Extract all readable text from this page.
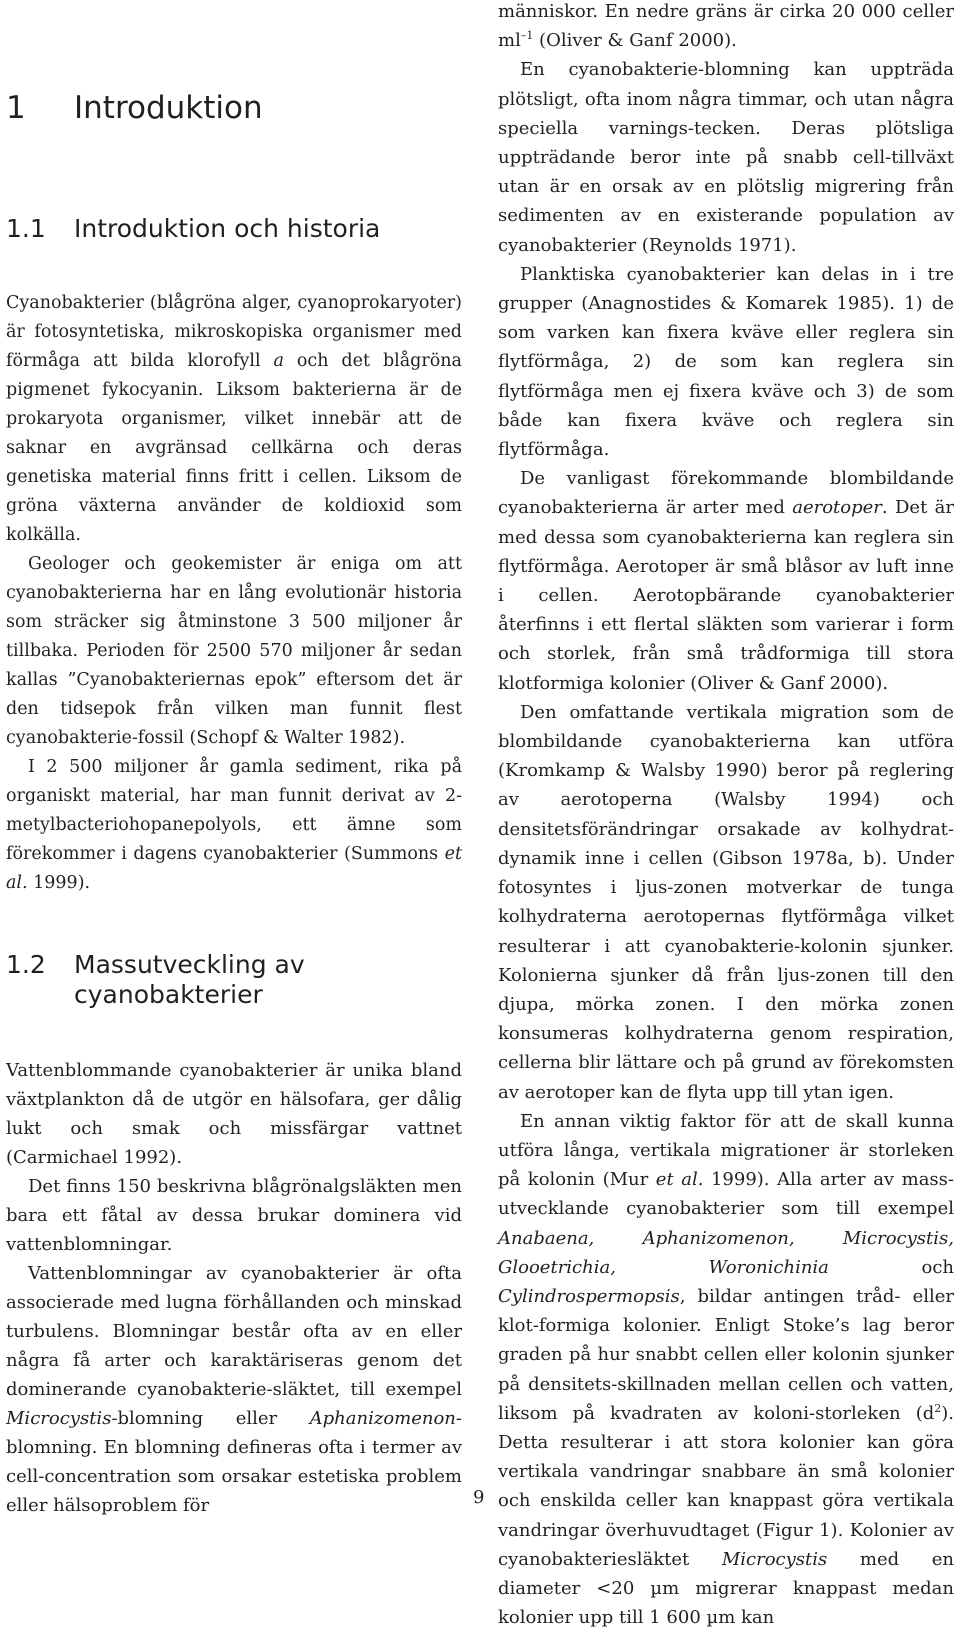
1 Introduktion
1.1 Introduktion och historia

Cyanobakterier (blågröna alger, cyanoprokaryoter) är fotosyntetiska, mikroskopiska organismer med förmåga att bilda klorofyll a och det blågröna pigmenet fykocyanin. Liksom bakterierna är de prokaryota organismer, vilket innebär att de saknar en avgränsad cellkärna och deras genetiska material finns fritt i cellen. Liksom de gröna växterna använder de koldioxid som kolkälla.

Geologer och geokemister är eniga om att cyanobakterierna har en lång evolutionär historia som sträcker sig åtminstone 3 500 miljoner år tillbaka. Perioden för 2500 570 miljoner år sedan kallas ”Cyanobakteriernas epok” eftersom det är den tidsepok från vilken man funnit flest cyanobakterie-fossil (Schopf & Walter 1982).

I 2 500 miljoner år gamla sediment, rika på organiskt material, har man funnit derivat av 2-metylbacteriohopanepolyols, ett ämne som förekommer i dagens cyanobakterier (Summons et al. 1999).

1.2	Massutveckling av
cyanobakterier

Vattenblommande cyanobakterier är unika bland växtplankton då de utgör en hälsofara, ger dålig lukt och smak och missfärgar vattnet (Carmichael 1992).

Det finns 150 beskrivna blågrönalgsläkten men bara ett fåtal av dessa brukar dominera vid vattenblomningar.

Vattenblomningar av cyanobakterier är ofta associerade med lugna förhållanden och minskad turbulens. Blomningar består ofta av en eller några få arter och karaktäriseras genom det dominerande cyanobakterie-släktet, till exempel Microcystis-blomning eller Aphanizomenon-blomning. En blomning defineras ofta i termer av cell-concentration som orsakar estetiska problem eller hälsoproblem för

människor. En nedre gräns är cirka 20 000 celler $ml^{-1}$ (Oliver & Ganf 2000).

En cyanobakterie-blomning kan uppträda plötsligt, ofta inom några timmar, och utan några speciella varnings-tecken. Deras plötsliga uppträdande beror inte på snabb cell-tillväxt utan är en orsak av en plötslig migrering från sedimenten av en existerande population av cyanobakterier (Reynolds 1971).

Planktiska cyanobakterier kan delas in i tre grupper (Anagnostides & Komarek 1985). 1) de som varken kan fixera kväve eller reglera sin flytförmåga, 2) de som kan reglera sin flytförmåga men ej fixera kväve och 3) de som både kan fixera kväve och reglera sin flytförmåga.

De vanligast förekommande blombildande cyanobakterierna är arter med aerotoper. Det är med dessa som cyanobakterierna kan reglera sin flytförmåga. Aerotoper är små blåsor av luft inne i cellen. Aerotopbärande cyanobakterier återfinns i ett flertal släkten som varierar i form och storlek, från små trådformiga till stora klotformiga kolonier (Oliver & Ganf 2000).

Den omfattande vertikala migration som de blombildande cyanobakterierna kan utföra (Kromkamp & Walsby 1990) beror på reglering av aerotoperna (Walsby 1994) och densitetsförändringar orsakade av kolhydrat-dynamik inne i cellen (Gibson 1978a, b). Under fotosyntes i ljus-zonen motverkar de tunga kolhydraterna aerotopernas flytförmåga vilket resulterar i att cyanobakterie-kolonin sjunker. Kolonierna sjunker då från ljus-zonen till den djupa, mörka zonen. I den mörka zonen konsumeras kolhydraterna genom respiration, cellerna blir lättare och på grund av förekomsten av aerotoper kan de flyta upp till ytan igen.

En annan viktig faktor för att de skall kunna utföra långa, vertikala migrationer är storleken på kolonin (Mur et al. 1999). Alla arter av mass-utvecklande cyanobakterier som till exempel Anabaena, Aphanizomenon, Microcystis, Glooetrichia, Woronichinia och Cylindrospermopsis, bildar antingen tråd- eller klot-formiga kolonier. Enligt Stoke’s lag beror graden på hur snabbt cellen eller kolonin sjunker på densitets-skillnaden mellan cellen och vatten, liksom på kvadraten av koloni-storleken $(d^2)$. Detta resulterar i att stora kolonier kan göra vertikala vandringar snabbare än små kolonier och enskilda celler kan knappast göra vertikala vandringar överhuvudtaget (Figur 1). Kolonier av cyanobakteriesläktet Microcystis med en diameter <20 µm migrerar knappast medan kolonier upp till 1 600 µm kan

9
